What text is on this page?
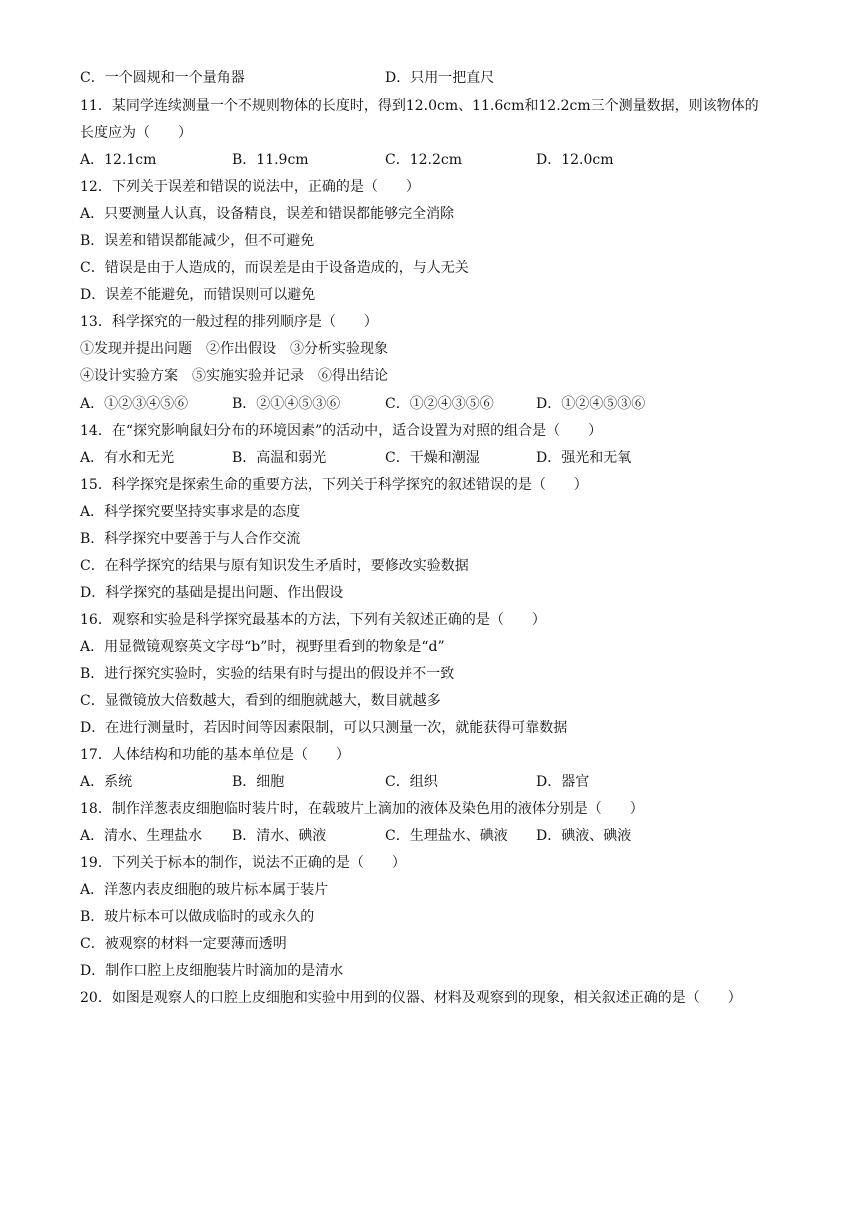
C．一个圆规和一个量角器	D．只用一把直尺
11．某同学连续测量一个不规则物体的长度时，得到12.0cm、11.6cm和12.2cm三个测量数据，则该物体的
长度应为（　　）
A．12.1cm	B．11.9cm	C．12.2cm	D．12.0cm
12．下列关于误差和错误的说法中，正确的是（　　）
A．只要测量人认真，设备精良，误差和错误都能够完全消除
B．误差和错误都能减少，但不可避免
C．错误是由于人造成的，而误差是由于设备造成的，与人无关
D．误差不能避免，而错误则可以避免
13．科学探究的一般过程的排列顺序是（　　）
①发现并提出问题　②作出假设　③分析实验现象
④设计实验方案　⑤实施实验并记录　⑥得出结论
A．①②③④⑤⑥	B．②①④⑤③⑥	C．①②④③⑤⑥	D．①②④⑤③⑥
14．在“探究影响鼠妇分布的环境因素”的活动中，适合设置为对照的组合是（　　）
A．有水和无光	B．高温和弱光	C．干燥和潮湿	D．强光和无氧
15．科学探究是探索生命的重要方法，下列关于科学探究的叙述错误的是（　　）
A．科学探究要坚持实事求是的态度
B．科学探究中要善于与人合作交流
C．在科学探究的结果与原有知识发生矛盾时，要修改实验数据
D．科学探究的基础是提出问题、作出假设
16．观察和实验是科学探究最基本的方法，下列有关叙述正确的是（　　）
A．用显微镜观察英文字母“b”时，视野里看到的物象是“d”
B．进行探究实验时，实验的结果有时与提出的假设并不一致
C．显微镜放大倍数越大，看到的细胞就越大，数目就越多
D．在进行测量时，若因时间等因素限制，可以只测量一次，就能获得可靠数据
17．人体结构和功能的基本单位是（　　）
A．系统	B．细胞	C．组织	D．器官
18．制作洋葱表皮细胞临时装片时，在载玻片上滴加的液体及染色用的液体分别是（　　）
A．清水、生理盐水 B．清水、碘液	C．生理盐水、碘液 D．碘液、碘液
19．下列关于标本的制作，说法不正确的是（　　）
A．洋葱内表皮细胞的玻片标本属于装片
B．玻片标本可以做成临时的或永久的
C．被观察的材料一定要薄而透明
D．制作口腔上皮细胞装片时滴加的是清水
20．如图是观察人的口腔上皮细胞和实验中用到的仪器、材料及观察到的现象，相关叙述正确的是（　　）
